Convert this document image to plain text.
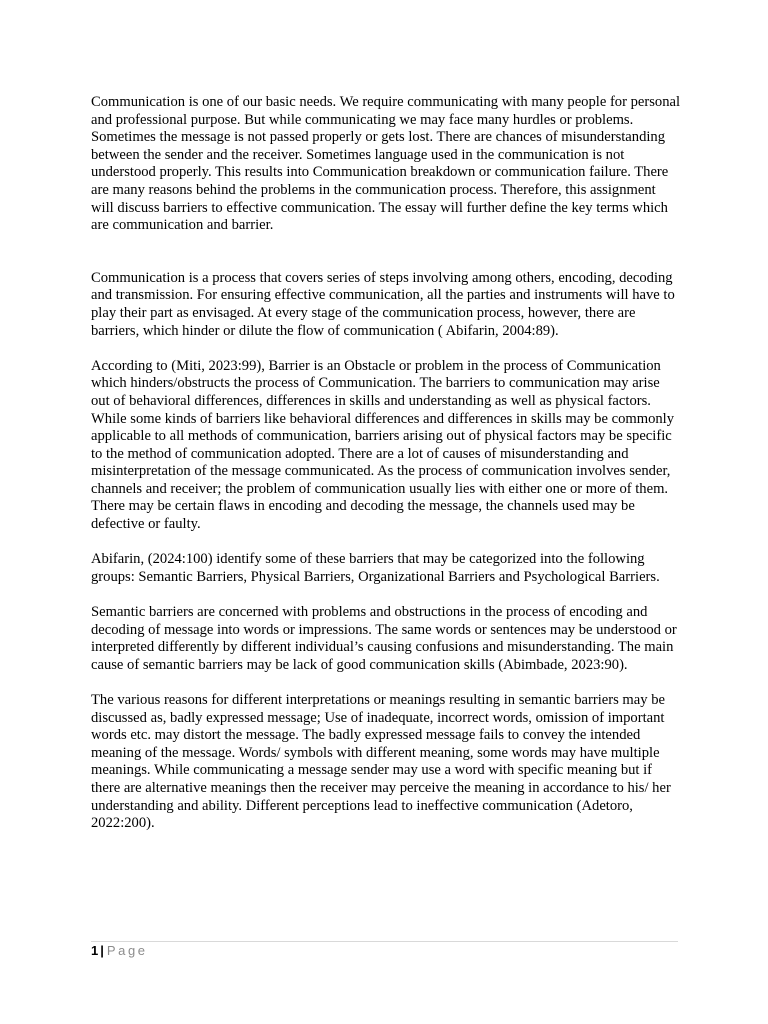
Communication is one of our basic needs. We require communicating with many people for personal and professional purpose. But while communicating we may face many hurdles or problems. Sometimes the message is not passed properly or gets lost. There are chances of misunderstanding between the sender and the receiver. Sometimes language used in the communication is not understood properly. This results into Communication breakdown or communication failure. There are many reasons behind the problems in the communication process. Therefore, this assignment will discuss barriers to effective communication. The essay will further define the key terms which are communication and barrier.

Communication is a process that covers series of steps involving among others, encoding, decoding and transmission. For ensuring effective communication, all the parties and instruments will have to play their part as envisaged. At every stage of the communication process, however, there are barriers, which hinder or dilute the flow of communication ( Abifarin, 2004:89).

According to (Miti, 2023:99), Barrier is an Obstacle or problem in the process of Communication which hinders/obstructs the process of Communication. The barriers to communication may arise out of behavioral differences, differences in skills and understanding as well as physical factors. While some kinds of barriers like behavioral differences and differences in skills may be commonly applicable to all methods of communication, barriers arising out of physical factors may be specific to the method of communication adopted. There are a lot of causes of misunderstanding and misinterpretation of the message communicated. As the process of communication involves sender, channels and receiver; the problem of communication usually lies with either one or more of them. There may be certain flaws in encoding and decoding the message, the channels used may be defective or faulty.

Abifarin, (2024:100) identify some of these barriers that may be categorized into the following groups: Semantic Barriers, Physical Barriers, Organizational Barriers and Psychological Barriers.

Semantic barriers are concerned with problems and obstructions in the process of encoding and decoding of message into words or impressions. The same words or sentences may be understood or interpreted differently by different individual’s causing confusions and misunderstanding. The main cause of semantic barriers may be lack of good communication skills (Abimbade, 2023:90).

The various reasons for different interpretations or meanings resulting in semantic barriers may be discussed as, badly expressed message; Use of inadequate, incorrect words, omission of important words etc. may distort the message. The badly expressed message fails to convey the intended meaning of the message. Words/ symbols with different meaning, some words may have multiple meanings. While communicating a message sender may use a word with specific meaning but if there are alternative meanings then the receiver may perceive the meaning in accordance to his/ her understanding and ability. Different perceptions lead to ineffective communication (Adetoro, 2022:200).

1 | Page
